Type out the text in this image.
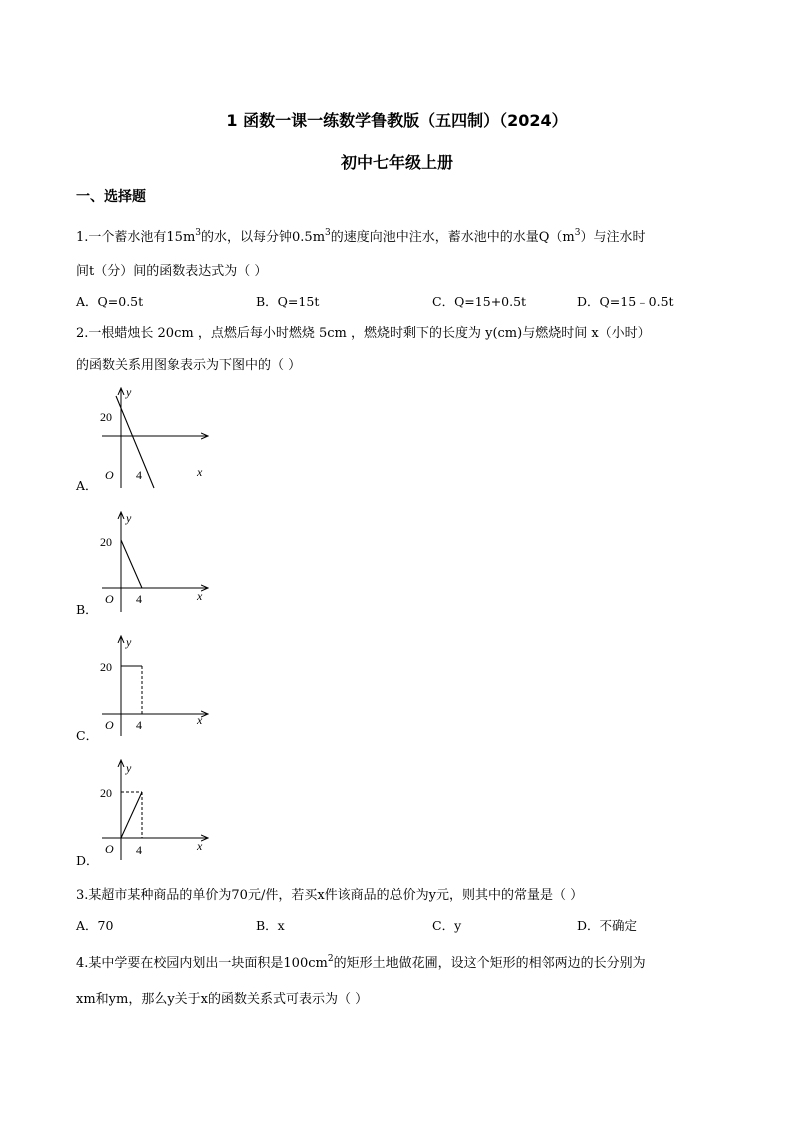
1 函数一课一练数学鲁教版（五四制）（2024）
初中七年级上册
一、选择题
1.一个蓄水池有$15m^3$的水，以每分钟$0.5m^3$的速度向池中注水，蓄水池中的水量$Q(m^3)$与注水时
间t（分）间的函数表达式为（ ）
A．Q=0.5t	B．Q=15t	C．Q=15+0.5t	D．Q=15﹣0.5t
2.一根蜡烛长 20cm ，点燃后每小时燃烧 5cm ，燃烧时剩下的长度为 y(cm)与燃烧时间 x（小时）
的函数关系用图象表示为下图中的（ ）
A．
y
x
20
O 4
B．
y
x
20
O 4
C．
y
x
20
O 4
D．
y
x
20
O 4
3.某超市某种商品的单价为70元/件，若买x件该商品的总价为y元，则其中的常量是（ ）
A．70	B．x	C．y	D．不确定
4.某中学要在校园内划出一块面积是$100cm^2$的矩形土地做花圃，设这个矩形的相邻两边的长分别为
xm和ym，那么y关于x的函数关系式可表示为（ ）
